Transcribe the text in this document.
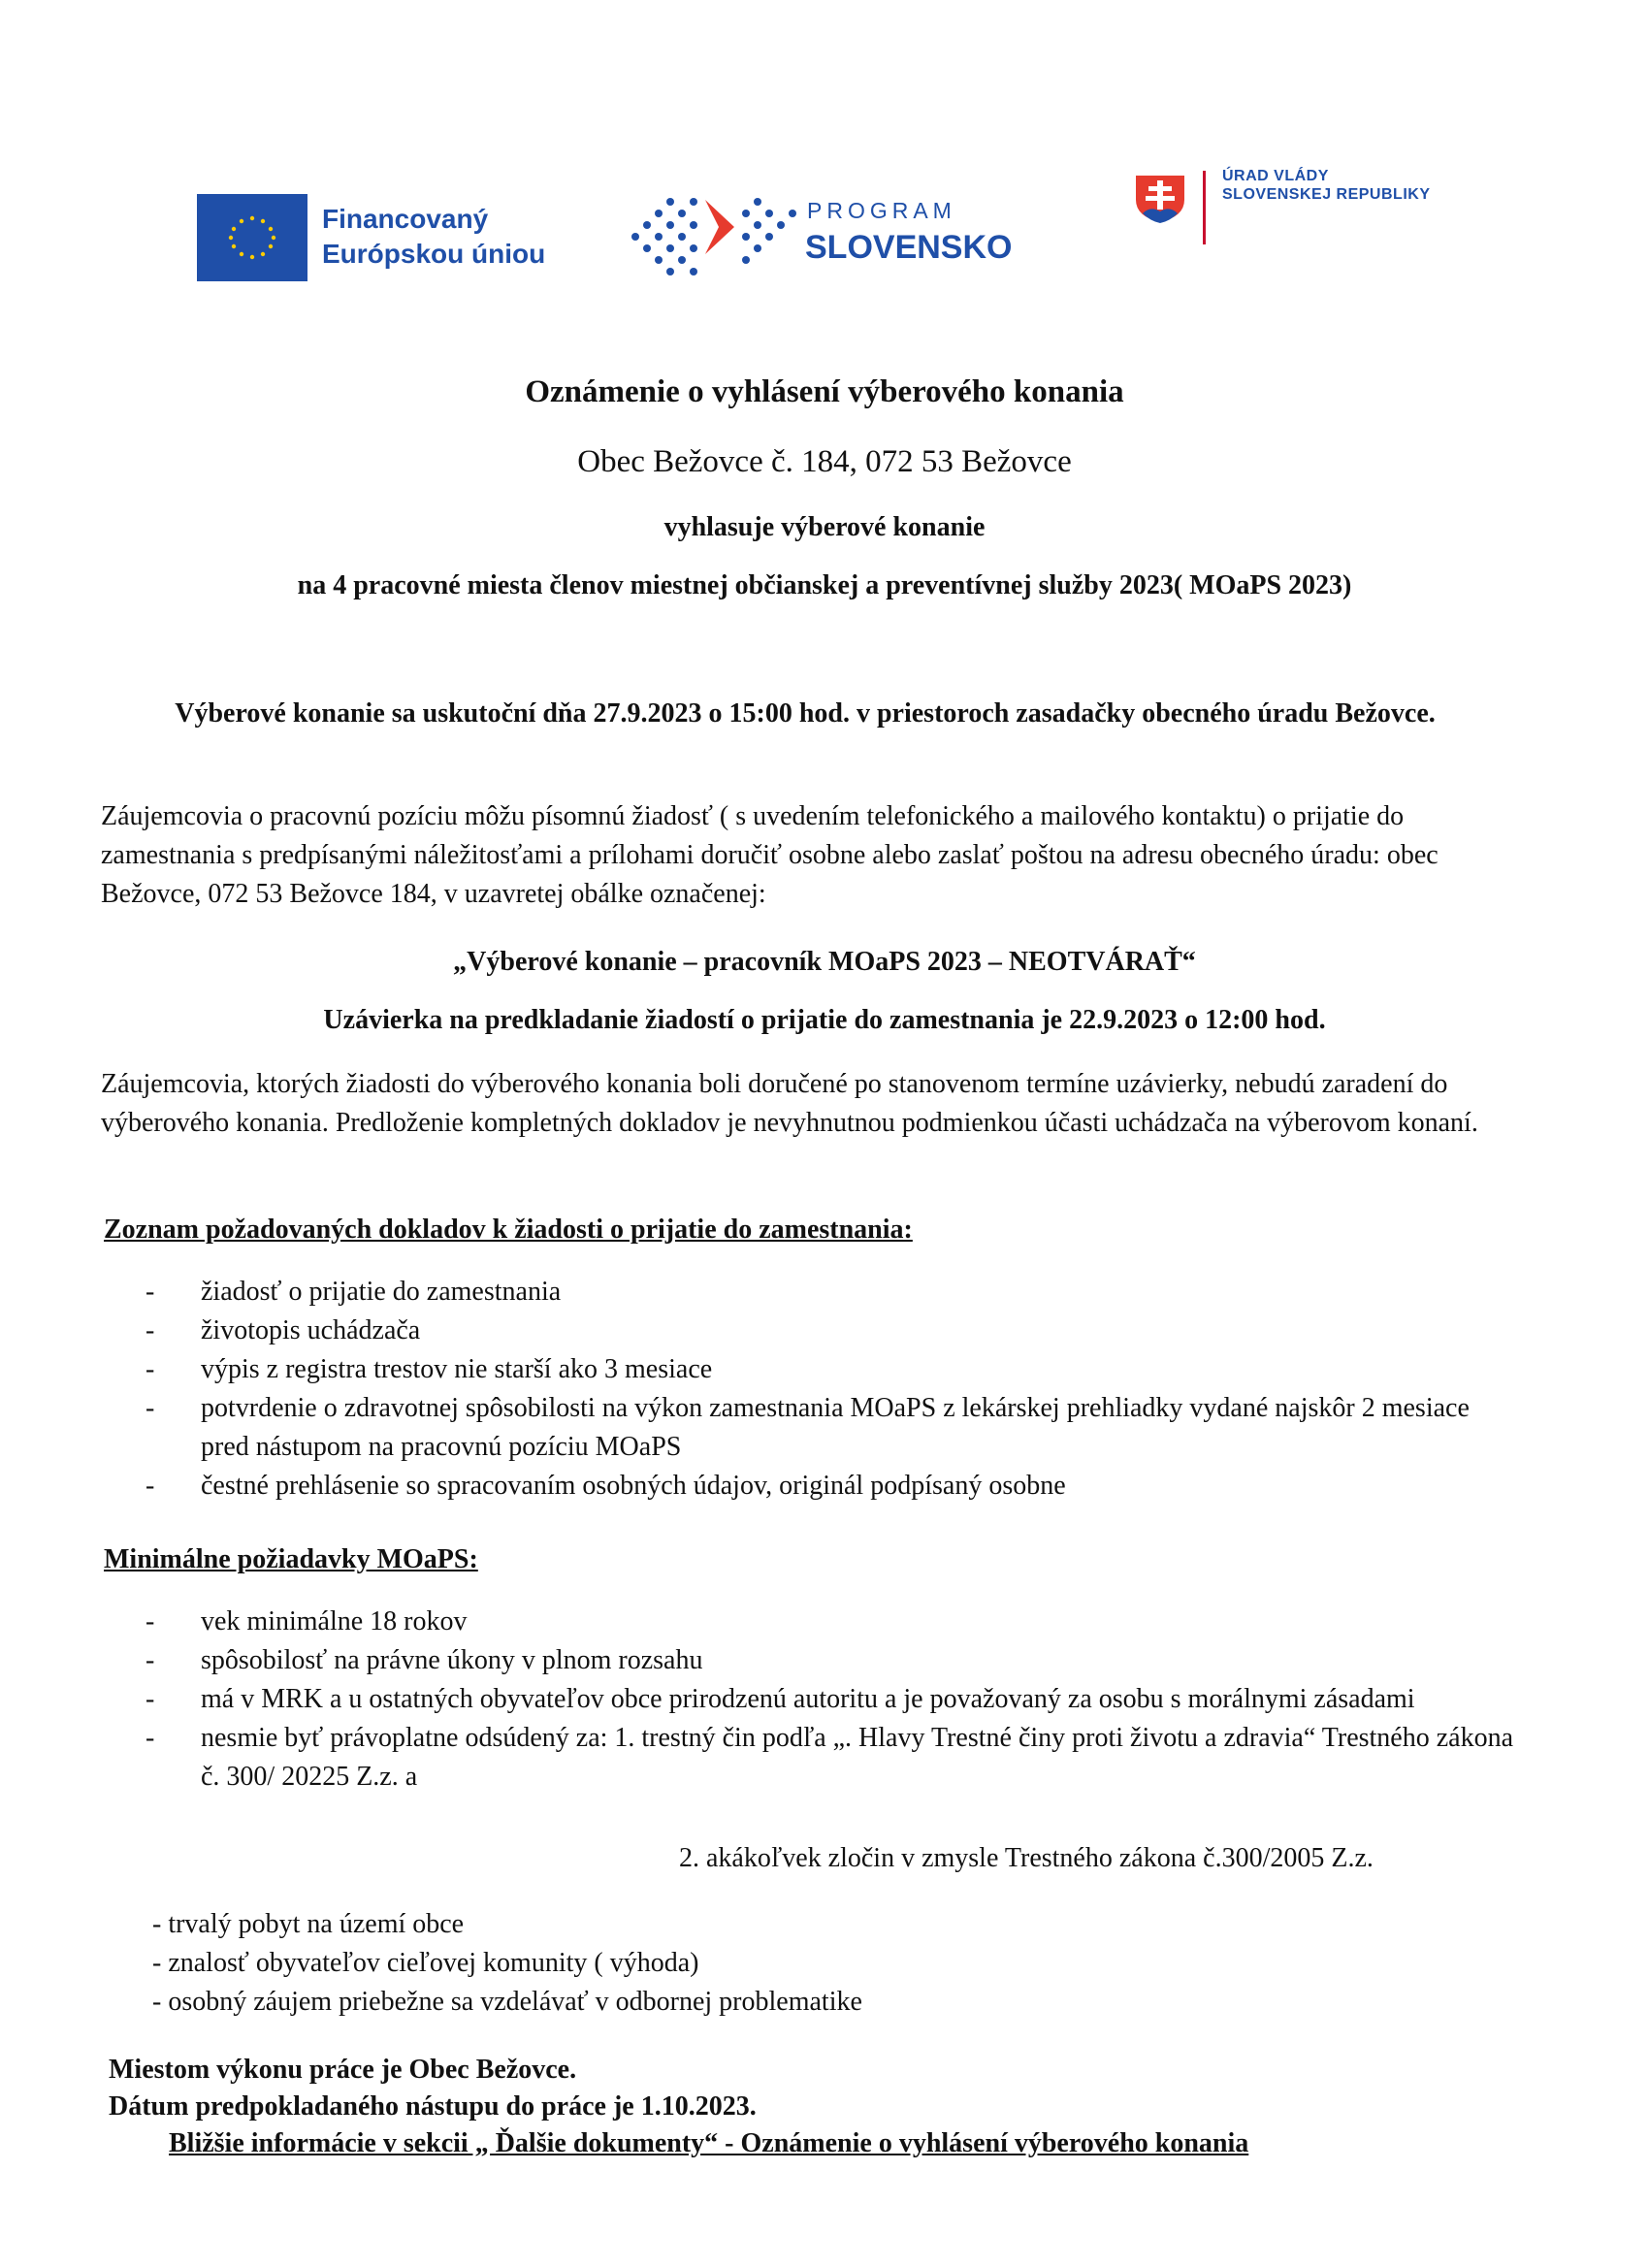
Financovaný
Európskou úniou
PROGRAM
SLOVENSKO
ÚRAD VLÁDY
SLOVENSKEJ REPUBLIKY
Oznámenie o vyhlásení výberového konania
Obec Bežovce č. 184, 072 53 Bežovce
vyhlasuje výberové konanie
na 4 pracovné miesta členov miestnej občianskej a preventívnej služby 2023( MOaPS 2023)
Výberové konanie sa uskutoční dňa 27.9.2023 o 15:00 hod. v priestoroch zasadačky obecného úradu Bežovce.
Záujemcovia o pracovnú pozíciu môžu písomnú žiadosť ( s uvedením telefonického a mailového kontaktu) o prijatie do zamestnania s predpísanými náležitosťami a prílohami doručiť osobne alebo zaslať poštou na adresu obecného úradu: obec Bežovce, 072 53 Bežovce 184, v uzavretej obálke označenej:
„Výberové konanie – pracovník MOaPS 2023 – NEOTVÁRAŤ“
Uzávierka na predkladanie žiadostí o prijatie do zamestnania je 22.9.2023 o 12:00 hod.
Záujemcovia, ktorých žiadosti do výberového konania boli doručené po stanovenom termíne uzávierky, nebudú zaradení do výberového konania. Predloženie kompletných dokladov je nevyhnutnou podmienkou účasti uchádzača na výberovom konaní.
Zoznam požadovaných dokladov k žiadosti o prijatie do zamestnania:
- žiadosť o prijatie do zamestnania
- životopis uchádzača
- výpis z registra trestov nie starší ako 3 mesiace
- potvrdenie o zdravotnej spôsobilosti na výkon zamestnania MOaPS z lekárskej prehliadky vydané najskôr 2 mesiace pred nástupom na pracovnú pozíciu MOaPS
- čestné prehlásenie so spracovaním osobných údajov, originál podpísaný osobne
Minimálne požiadavky MOaPS:
- vek minimálne 18 rokov
- spôsobilosť na právne úkony v plnom rozsahu
- má v MRK a u ostatných obyvateľov obce prirodzenú autoritu a je považovaný za osobu s morálnymi zásadami
- nesmie byť právoplatne odsúdený za: 1. trestný čin podľa „. Hlavy Trestné činy proti životu a zdravia“ Trestného zákona č. 300/ 20225 Z.z. a
2. akákoľvek zločin v zmysle Trestného zákona č.300/2005 Z.z.
- trvalý pobyt na území obce
- znalosť obyvateľov cieľovej komunity ( výhoda)
- osobný záujem priebežne sa vzdelávať v odbornej problematike
Miestom výkonu práce je Obec Bežovce.
Dátum predpokladaného nástupu do práce je 1.10.2023.
Bližšie informácie v sekcii „ Ďalšie dokumenty“ - Oznámenie o vyhlásení výberového konania
